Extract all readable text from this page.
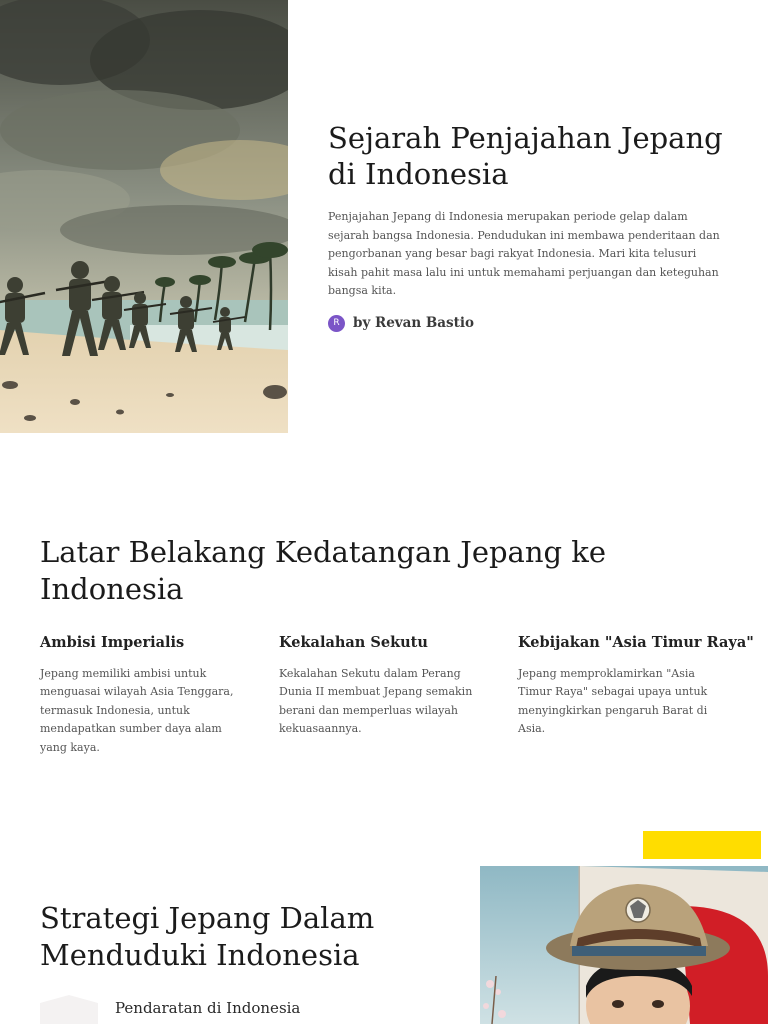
Sejarah Penjajahan Jepang di Indonesia

Penjajahan Jepang di Indonesia merupakan periode gelap dalam sejarah bangsa Indonesia. Pendudukan ini membawa penderitaan dan pengorbanan yang besar bagi rakyat Indonesia. Mari kita telusuri kisah pahit masa lalu ini untuk memahami perjuangan dan keteguhan bangsa kita.

R by Revan Bastio
Latar Belakang Kedatangan Jepang ke Indonesia
Ambisi Imperialis

Jepang memiliki ambisi untuk menguasai wilayah Asia Tenggara, termasuk Indonesia, untuk mendapatkan sumber daya alam yang kaya.

Kekalahan Sekutu

Kekalahan Sekutu dalam Perang Dunia II membuat Jepang semakin berani dan memperluas wilayah kekuasaannya.

Kebijakan "Asia Timur Raya"

Jepang memproklamirkan "Asia Timur Raya" sebagai upaya untuk menyingkirkan pengaruh Barat di Asia.

Strategi Jepang Dalam Menduduki Indonesia
Pendaratan di Indonesia
